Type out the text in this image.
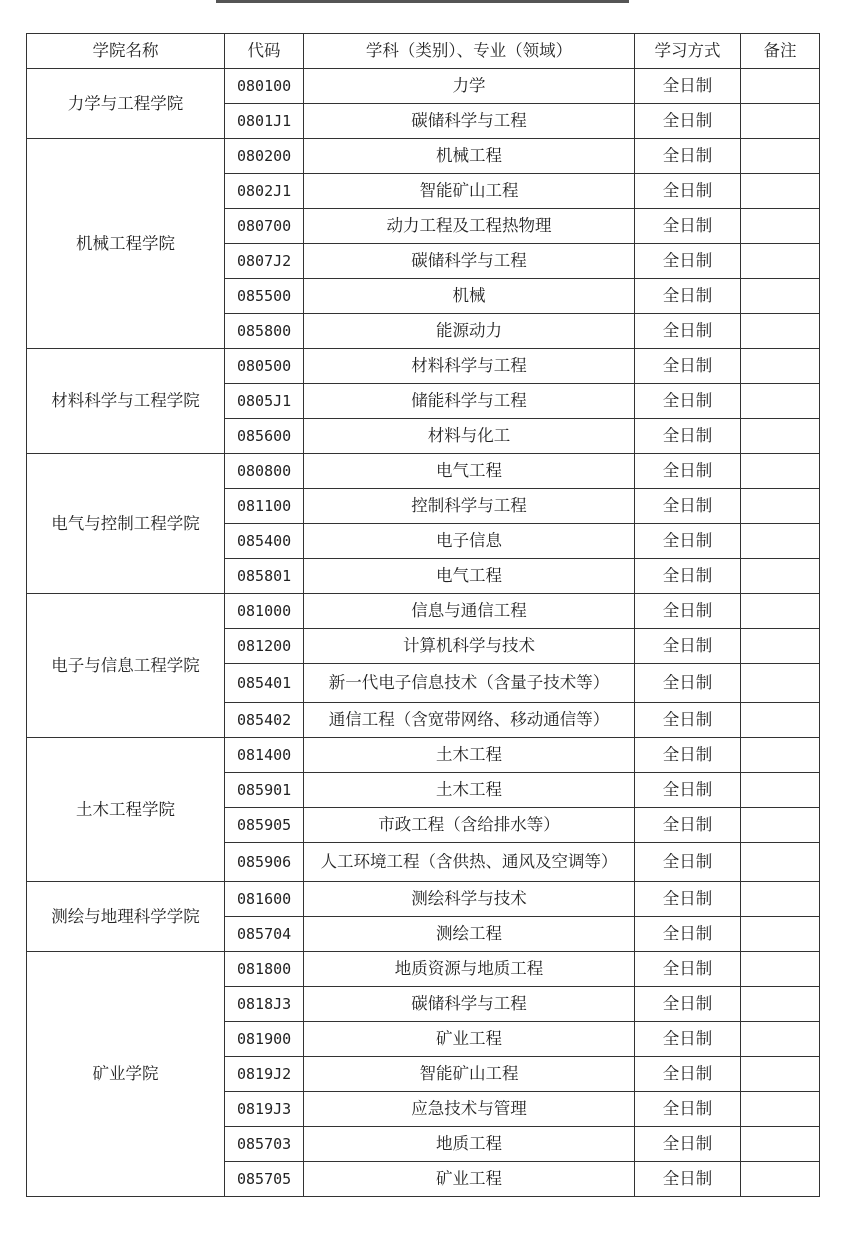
学院名称	代码	学科（类别）、专业（领域）	学习方式	备注
力学与工程学院	080100	力学	全日制	
	0801J1	碳储科学与工程	全日制	
机械工程学院	080200	机械工程	全日制	
	0802J1	智能矿山工程	全日制	
	080700	动力工程及工程热物理	全日制	
	0807J2	碳储科学与工程	全日制	
	085500	机械	全日制	
	085800	能源动力	全日制	
材料科学与工程学院	080500	材料科学与工程	全日制	
	0805J1	储能科学与工程	全日制	
	085600	材料与化工	全日制	
电气与控制工程学院	080800	电气工程	全日制	
	081100	控制科学与工程	全日制	
	085400	电子信息	全日制	
	085801	电气工程	全日制	
电子与信息工程学院	081000	信息与通信工程	全日制	
	081200	计算机科学与技术	全日制	
	085401	新一代电子信息技术（含量子技术等）	全日制	
	085402	通信工程（含宽带网络、移动通信等）	全日制	
土木工程学院	081400	土木工程	全日制	
	085901	土木工程	全日制	
	085905	市政工程（含给排水等）	全日制	
	085906	人工环境工程（含供热、通风及空调等）	全日制	
测绘与地理科学学院	081600	测绘科学与技术	全日制	
	085704	测绘工程	全日制	
矿业学院	081800	地质资源与地质工程	全日制	
	0818J3	碳储科学与工程	全日制	
	081900	矿业工程	全日制	
	0819J2	智能矿山工程	全日制	
	0819J3	应急技术与管理	全日制	
	085703	地质工程	全日制	
	085705	矿业工程	全日制	
